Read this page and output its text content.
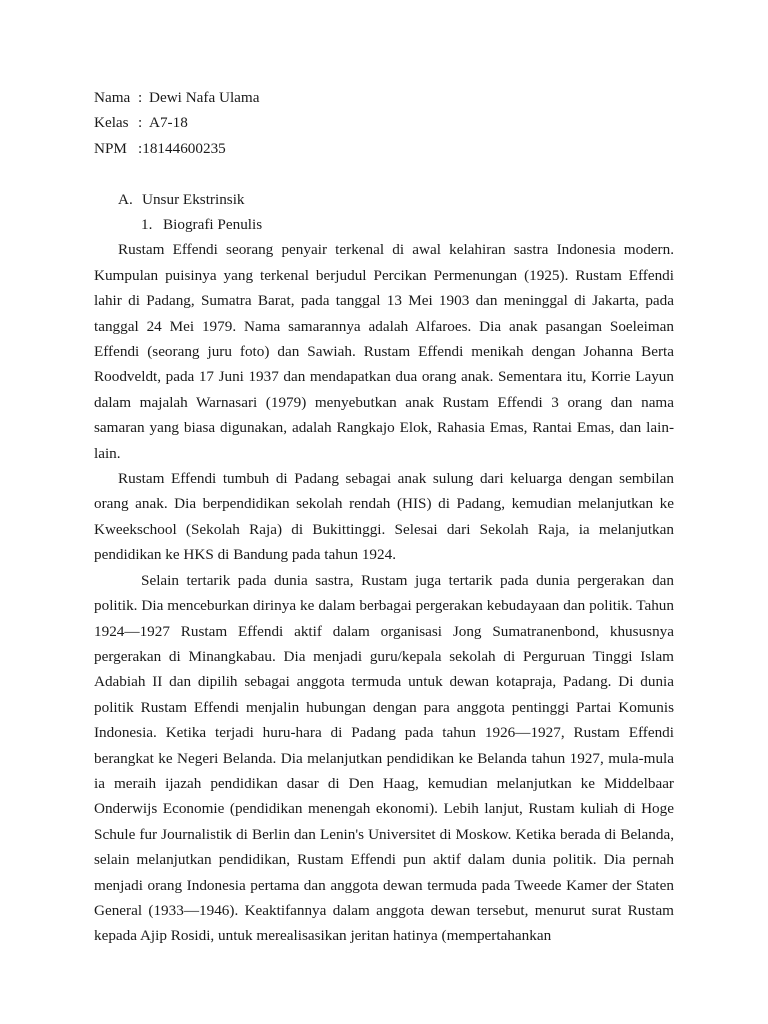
Nama : Dewi Nafa Ulama
Kelas : A7-18
NPM : 18144600235
A. Unsur Ekstrinsik
1. Biografi Penulis

Rustam Effendi seorang penyair terkenal di awal kelahiran sastra Indonesia modern. Kumpulan puisinya yang terkenal berjudul Percikan Permenungan (1925). Rustam Effendi lahir di Padang, Sumatra Barat, pada tanggal 13 Mei 1903 dan meninggal di Jakarta, pada tanggal 24 Mei 1979. Nama samarannya adalah Alfaroes. Dia anak pasangan Soeleiman Effendi (seorang juru foto) dan Sawiah. Rustam Effendi menikah dengan Johanna Berta Roodveldt, pada 17 Juni 1937 dan mendapatkan dua orang anak. Sementara itu, Korrie Layun dalam majalah Warnasari (1979) menyebutkan anak Rustam Effendi 3 orang dan nama samaran yang biasa digunakan, adalah Rangkajo Elok, Rahasia Emas, Rantai Emas, dan lain-lain.

Rustam Effendi tumbuh di Padang sebagai anak sulung dari keluarga dengan sembilan orang anak. Dia berpendidikan sekolah rendah (HIS) di Padang, kemudian melanjutkan ke Kweekschool (Sekolah Raja) di Bukittinggi. Selesai dari Sekolah Raja, ia melanjutkan pendidikan ke HKS di Bandung pada tahun 1924.

Selain tertarik pada dunia sastra, Rustam juga tertarik pada dunia pergerakan dan politik. Dia menceburkan dirinya ke dalam berbagai pergerakan kebudayaan dan politik. Tahun 1924—1927 Rustam Effendi aktif dalam organisasi Jong Sumatranenbond, khususnya pergerakan di Minangkabau. Dia menjadi guru/kepala sekolah di Perguruan Tinggi Islam Adabiah II dan dipilih sebagai anggota termuda untuk dewan kotapraja, Padang. Di dunia politik Rustam Effendi menjalin hubungan dengan para anggota pentinggi Partai Komunis Indonesia. Ketika terjadi huru-hara di Padang pada tahun 1926—1927, Rustam Effendi berangkat ke Negeri Belanda. Dia melanjutkan pendidikan ke Belanda tahun 1927, mula-mula ia meraih ijazah pendidikan dasar di Den Haag, kemudian melanjutkan ke Middelbaar Onderwijs Economie (pendidikan menengah ekonomi). Lebih lanjut, Rustam kuliah di Hoge Schule fur Journalistik di Berlin dan Lenin's Universitet di Moskow. Ketika berada di Belanda, selain melanjutkan pendidikan, Rustam Effendi pun aktif dalam dunia politik. Dia pernah menjadi orang Indonesia pertama dan anggota dewan termuda pada Tweede Kamer der Staten General (1933—1946). Keaktifannya dalam anggota dewan tersebut, menurut surat Rustam kepada Ajip Rosidi, untuk merealisasikan jeritan hatinya (mempertahankan
